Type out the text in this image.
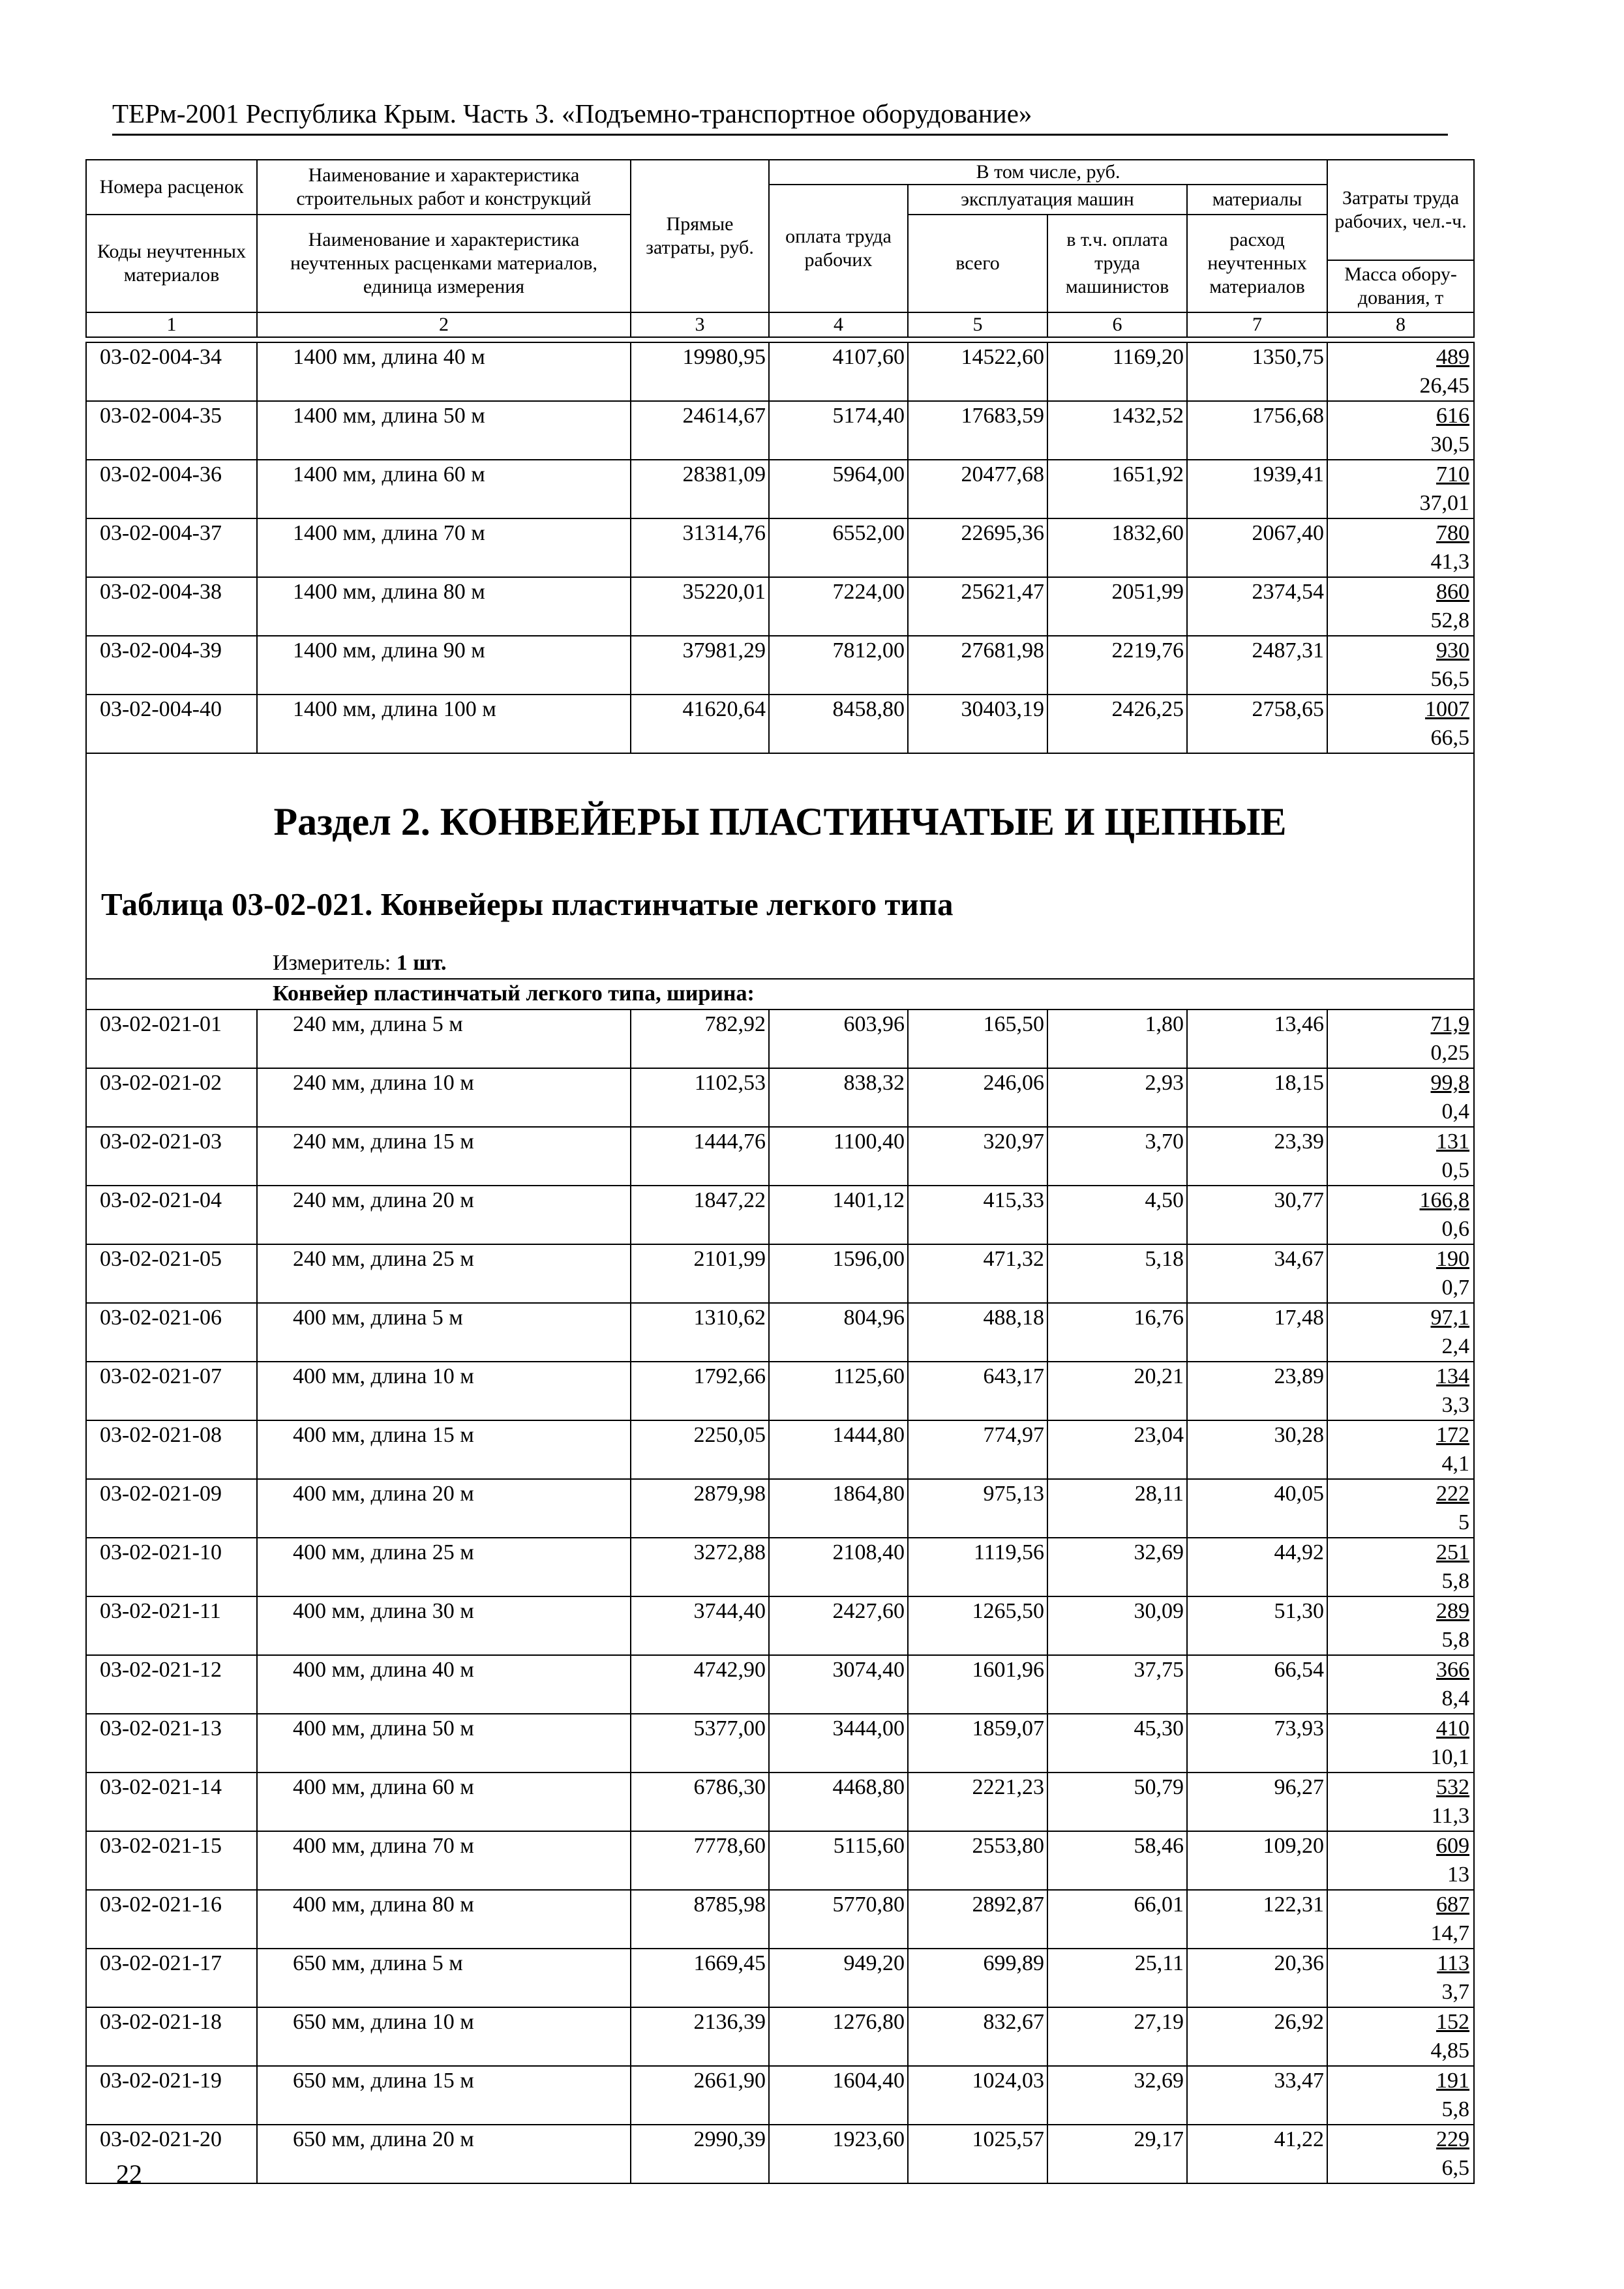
ТЕРм-2001 Республика Крым. Часть 3. «Подъемно-транспортное оборудование»
Номера расценок	Наименование и характеристика строительных работ и конструкций	Прямые затраты, руб.	В том числе, руб.				Затраты труда рабочих, чел.-ч.
			оплата труда рабочих	эксплуатация машин		материалы	
Коды неучтенных материалов	Наименование и характеристика неучтенных расценками материалов, единица измерения			всего	в т.ч. оплата труда машинистов	расход неучтенных материалов	
							Масса обору-дования, т
1	2	3	4	5	6	7	8
03-02-004-34	1400 мм, длина 40 м	19980,95	4107,60	14522,60	1169,20	1350,75	489
26,45

03-02-004-35	1400 мм, длина 50 м	24614,67	5174,40	17683,59	1432,52	1756,68	616
30,5

03-02-004-36	1400 мм, длина 60 м	28381,09	5964,00	20477,68	1651,92	1939,41	710
37,01

03-02-004-37	1400 мм, длина 70 м	31314,76	6552,00	22695,36	1832,60	2067,40	780
41,3

03-02-004-38	1400 мм, длина 80 м	35220,01	7224,00	25621,47	2051,99	2374,54	860
52,8

03-02-004-39	1400 мм, длина 90 м	37981,29	7812,00	27681,98	2219,76	2487,31	930
56,5

03-02-004-40	1400 мм, длина 100 м	41620,64	8458,80	30403,19	2426,25	2758,65	1007
66,5

Раздел 2. КОНВЕЙЕРЫ ПЛАСТИНЧАТЫЕ И ЦЕПНЫЕ
Таблица 03-02-021. Конвейеры пластинчатые легкого типа							

Измеритель: 1 шт.							
Конвейер пластинчатый легкого типа, ширина:							
03-02-021-01	240 мм, длина 5 м	782,92	603,96	165,50	1,80	13,46	71,9
0,25

03-02-021-02	240 мм, длина 10 м	1102,53	838,32	246,06	2,93	18,15	99,8
0,4

03-02-021-03	240 мм, длина 15 м	1444,76	1100,40	320,97	3,70	23,39	131
0,5

03-02-021-04	240 мм, длина 20 м	1847,22	1401,12	415,33	4,50	30,77	166,8
0,6

03-02-021-05	240 мм, длина 25 м	2101,99	1596,00	471,32	5,18	34,67	190
0,7

03-02-021-06	400 мм, длина 5 м	1310,62	804,96	488,18	16,76	17,48	97,1
2,4

03-02-021-07	400 мм, длина 10 м	1792,66	1125,60	643,17	20,21	23,89	134
3,3

03-02-021-08	400 мм, длина 15 м	2250,05	1444,80	774,97	23,04	30,28	172
4,1

03-02-021-09	400 мм, длина 20 м	2879,98	1864,80	975,13	28,11	40,05	222
5

03-02-021-10	400 мм, длина 25 м	3272,88	2108,40	1119,56	32,69	44,92	251
5,8

03-02-021-11	400 мм, длина 30 м	3744,40	2427,60	1265,50	30,09	51,30	289
5,8

03-02-021-12	400 мм, длина 40 м	4742,90	3074,40	1601,96	37,75	66,54	366
8,4

03-02-021-13	400 мм, длина 50 м	5377,00	3444,00	1859,07	45,30	73,93	410
10,1

03-02-021-14	400 мм, длина 60 м	6786,30	4468,80	2221,23	50,79	96,27	532
11,3

03-02-021-15	400 мм, длина 70 м	7778,60	5115,60	2553,80	58,46	109,20	609
13

03-02-021-16	400 мм, длина 80 м	8785,98	5770,80	2892,87	66,01	122,31	687
14,7

03-02-021-17	650 мм, длина 5 м	1669,45	949,20	699,89	25,11	20,36	113
3,7

03-02-021-18	650 мм, длина 10 м	2136,39	1276,80	832,67	27,19	26,92	152
4,85

03-02-021-19	650 мм, длина 15 м	2661,90	1604,40	1024,03	32,69	33,47	191
5,8

03-02-021-20	650 мм, длина 20 м	2990,39	1923,60	1025,57	29,17	41,22	229
6,5
22
